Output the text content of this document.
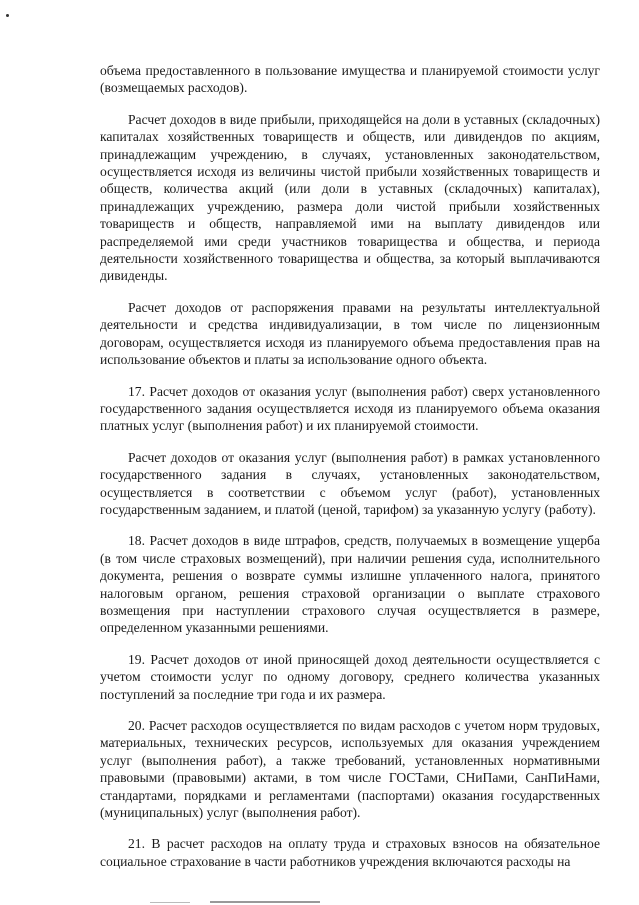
объема предоставленного в пользование имущества и планируемой стоимости услуг (возмещаемых расходов).

Расчет доходов в виде прибыли, приходящейся на доли в уставных (складочных) капиталах хозяйственных товариществ и обществ, или дивидендов по акциям, принадлежащим учреждению, в случаях, установленных законодательством, осуществляется исходя из величины чистой прибыли хозяйственных товариществ и обществ, количества акций (или доли в уставных (складочных) капиталах), принадлежащих учреждению, размера доли чистой прибыли хозяйственных товариществ и обществ, направляемой ими на выплату дивидендов или распределяемой ими среди участников товарищества и общества, и периода деятельности хозяйственного товарищества и общества, за который выплачиваются дивиденды.

Расчет доходов от распоряжения правами на результаты интеллектуальной деятельности и средства индивидуализации, в том числе по лицензионным договорам, осуществляется исходя из планируемого объема предоставления прав на использование объектов и платы за использование одного объекта.

17. Расчет доходов от оказания услуг (выполнения работ) сверх установленного государственного задания осуществляется исходя из планируемого объема оказания платных услуг (выполнения работ) и их планируемой стоимости.

Расчет доходов от оказания услуг (выполнения работ) в рамках установленного государственного задания в случаях, установленных законодательством, осуществляется в соответствии с объемом услуг (работ), установленных государственным заданием, и платой (ценой, тарифом) за указанную услугу (работу).

18. Расчет доходов в виде штрафов, средств, получаемых в возмещение ущерба (в том числе страховых возмещений), при наличии решения суда, исполнительного документа, решения о возврате суммы излишне уплаченного налога, принятого налоговым органом, решения страховой организации о выплате страхового возмещения при наступлении страхового случая осуществляется в размере, определенном указанными решениями.

19. Расчет доходов от иной приносящей доход деятельности осуществляется с учетом стоимости услуг по одному договору, среднего количества указанных поступлений за последние три года и их размера.

20. Расчет расходов осуществляется по видам расходов с учетом норм трудовых, материальных, технических ресурсов, используемых для оказания учреждением услуг (выполнения работ), а также требований, установленных нормативными правовыми (правовыми) актами, в том числе ГОСТами, СНиПами, СанПиНами, стандартами, порядками и регламентами (паспортами) оказания государственных (муниципальных) услуг (выполнения работ).

21. В расчет расходов на оплату труда и страховых взносов на обязательное социальное страхование в части работников учреждения включаются расходы на
